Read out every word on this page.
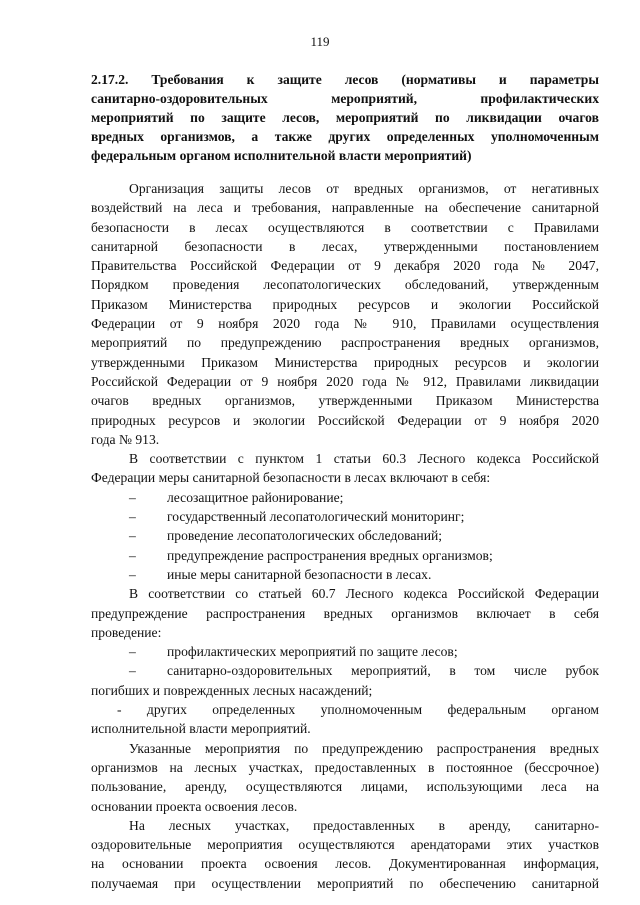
119
2.17.2. Требования к защите лесов (нормативы и параметры
санитарно-оздоровительных мероприятий, профилактических
мероприятий по защите лесов, мероприятий по ликвидации очагов
вредных организмов, а также других определенных уполномоченным
федеральным органом исполнительной власти мероприятий)
Организация защиты лесов от вредных организмов, от негативных
воздействий на леса и требования, направленные на обеспечение санитарной
безопасности в лесах осуществляются в соответствии с Правилами
санитарной безопасности в лесах, утвержденными постановлением
Правительства Российской Федерации от 9 декабря 2020 года № 2047,
Порядком проведения лесопатологических обследований, утвержденным
Приказом Министерства природных ресурсов и экологии Российской
Федерации от 9 ноября 2020 года № 910, Правилами осуществления
мероприятий по предупреждению распространения вредных организмов,
утвержденными Приказом Министерства природных ресурсов и экологии
Российской Федерации от 9 ноября 2020 года № 912, Правилами ликвидации
очагов вредных организмов, утвержденными Приказом Министерства
природных ресурсов и экологии Российской Федерации от 9 ноября 2020
года № 913.
В соответствии с пунктом 1 статьи 60.3 Лесного кодекса Российской
Федерации меры санитарной безопасности в лесах включают в себя:
–	лесозащитное районирование;
–	государственный лесопатологический мониторинг;
–	проведение лесопатологических обследований;
–	предупреждение распространения вредных организмов;
–	иные меры санитарной безопасности в лесах.
В соответствии со статьей 60.7 Лесного кодекса Российской Федерации
предупреждение распространения вредных организмов включает в себя
проведение:
–	профилактических мероприятий по защите лесов;
–	санитарно-оздоровительных мероприятий, в том числе рубок
погибших и поврежденных лесных насаждений;
- других определенных уполномоченным федеральным органом
исполнительной власти мероприятий.
Указанные мероприятия по предупреждению распространения вредных
организмов на лесных участках, предоставленных в постоянное (бессрочное)
пользование, аренду, осуществляются лицами, использующими леса на
основании проекта освоения лесов.
На лесных участках, предоставленных в аренду, санитарно-
оздоровительные мероприятия осуществляются арендаторами этих участков
на основании проекта освоения лесов. Документированная информация,
получаемая при осуществлении мероприятий по обеспечению санитарной
